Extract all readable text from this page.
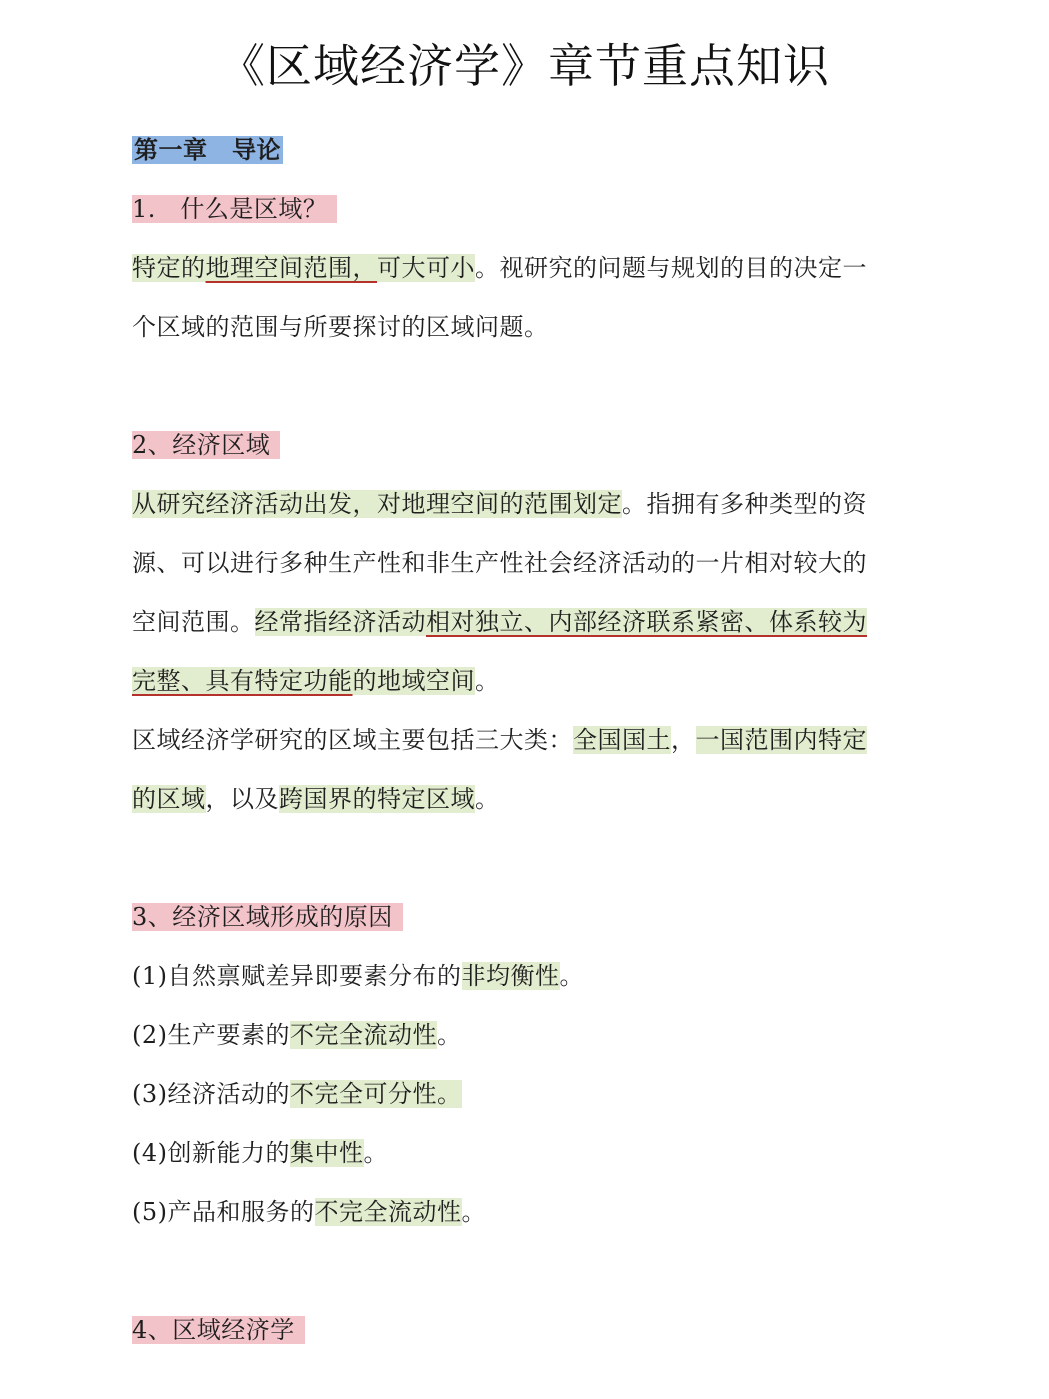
《区域经济学》章节重点知识
第一章　导论
1.　什么是区域？
特定的地理空间范围，可大可小。视研究的问题与规划的目的决定一
个区域的范围与所要探讨的区域问题。
2、经济区域
从研究经济活动出发，对地理空间的范围划定。指拥有多种类型的资
源、可以进行多种生产性和非生产性社会经济活动的一片相对较大的
空间范围。经常指经济活动相对独立、内部经济联系紧密、体系较为
完整、具有特定功能的地域空间。
区域经济学研究的区域主要包括三大类：全国国土，一国范围内特定
的区域，以及跨国界的特定区域。
3、经济区域形成的原因
(1)自然禀赋差异即要素分布的非均衡性。
(2)生产要素的不完全流动性。
(3)经济活动的不完全可分性。
(4)创新能力的集中性。
(5)产品和服务的不完全流动性。
4、区域经济学
